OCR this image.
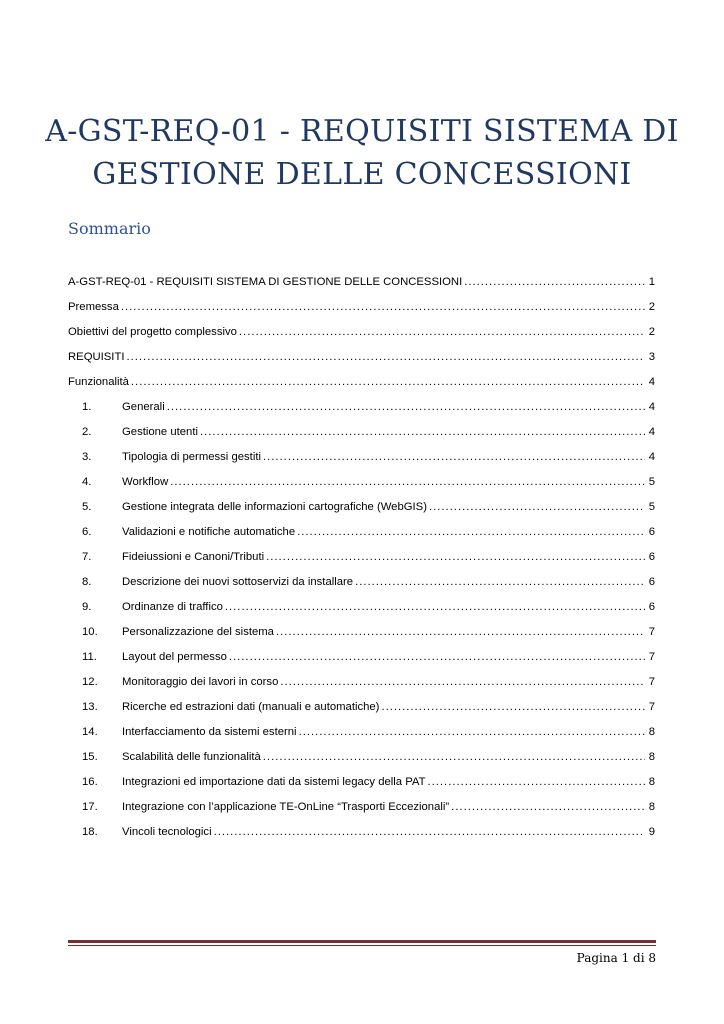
A-GST-REQ-01 - REQUISITI SISTEMA DI
GESTIONE DELLE CONCESSIONI
Sommario
A-GST-REQ-01 - REQUISITI SISTEMA DI GESTIONE DELLE CONCESSIONI .....	1
Premessa .....	2
Obiettivi del progetto complessivo .....	2
REQUISITI .....	3
Funzionalità .....	4
1.	Generali .....	4
2.	Gestione utenti .....	4
3.	Tipologia di permessi gestiti .....	4
4.	Workflow .....	5
5.	Gestione integrata delle informazioni cartografiche (WebGIS) .....	5
6.	Validazioni e notifiche automatiche .....	6
7.	Fideiussioni e Canoni/Tributi .....	6
8.	Descrizione dei nuovi sottoservizi da installare .....	6
9.	Ordinanze di traffico .....	6
10.	Personalizzazione del sistema .....	7
11.	Layout del permesso .....	7
12.	Monitoraggio dei lavori in corso .....	7
13.	Ricerche ed estrazioni dati (manuali e automatiche) .....	7
14.	Interfacciamento da sistemi esterni .....	8
15.	Scalabilità delle funzionalità .....	8
16.	Integrazioni ed importazione dati da sistemi legacy della PAT .....	8
17.	Integrazione con l’applicazione TE-OnLine “Trasporti Eccezionali” .....	8
18.	Vincoli tecnologici .....	9
Pagina 1 di 8
